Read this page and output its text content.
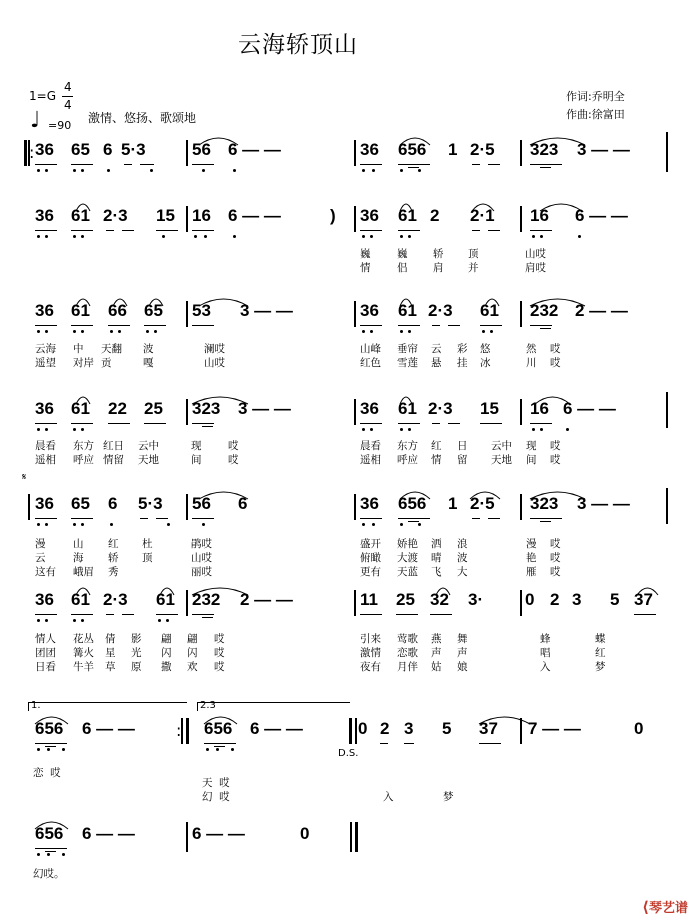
云海轿顶山
1=G
4
4
♩ =90
激情、悠扬、歌颂地
作词:乔明全
作曲:徐富田
: 36 65 6 5·3	56 6 — —	36 656 1 2·5 323 3 — —
36 61 2·3 15 16 6 — —	) 36 61 2 2·1 16 6 — —
巍	巍 轿 顶	山哎
情	侣 肩 并	肩哎
36 61 66 65 53 3 — —	36 61 2·3 61 232 2 — —
云海 中 天翻 波	澜哎	山峰 垂帘 云 彩 悠	然 哎
遥望 对岸 贡	嘎	山哎	红色 雪莲 悬 挂 冰	川 哎
36 61 22 25 323 3 — —	36 61 2·3 15 16 6 — —
晨看 东方 红日 云中	现	哎	晨看 东方 红 日 云中 现 哎
遥相 呼应 情留 天地	间	哎	遥相 呼应 情 留 天地 间 哎
𝄋
36 65 6 5·3 56 6	36 656 1 2·5 323 3 — —
漫	山 红 杜	鹃哎	盛开 娇艳 洒 浪	漫 哎
云	海 轿 顶	山哎	俯瞰 大渡 晴 波	艳 哎
这有 峨眉 秀	丽哎	更有 天蓝 飞 大	雁 哎
36 61 2·3 61 232 2 — —	11 25 32 3· 0 2 3 5 37
情人 花丛 倩 影 翩 翩 哎	引来 莺歌 燕 舞	蜂	蝶
团团 篝火 星 光 闪 闪 哎	激情 恋歌 声 声	唱	红
日看 牛羊 草 原 撒 欢 哎	夜有 月伴 姑 娘	入	梦
1.	2.3
656 6 — —	656 6 — —	0 2 3 5 37 7 — —	0
:
D.S.
恋  哎
天  哎
幻  哎	入	梦
656 6 — —	6 — —	0
幻哎。
⟨琴艺谱
